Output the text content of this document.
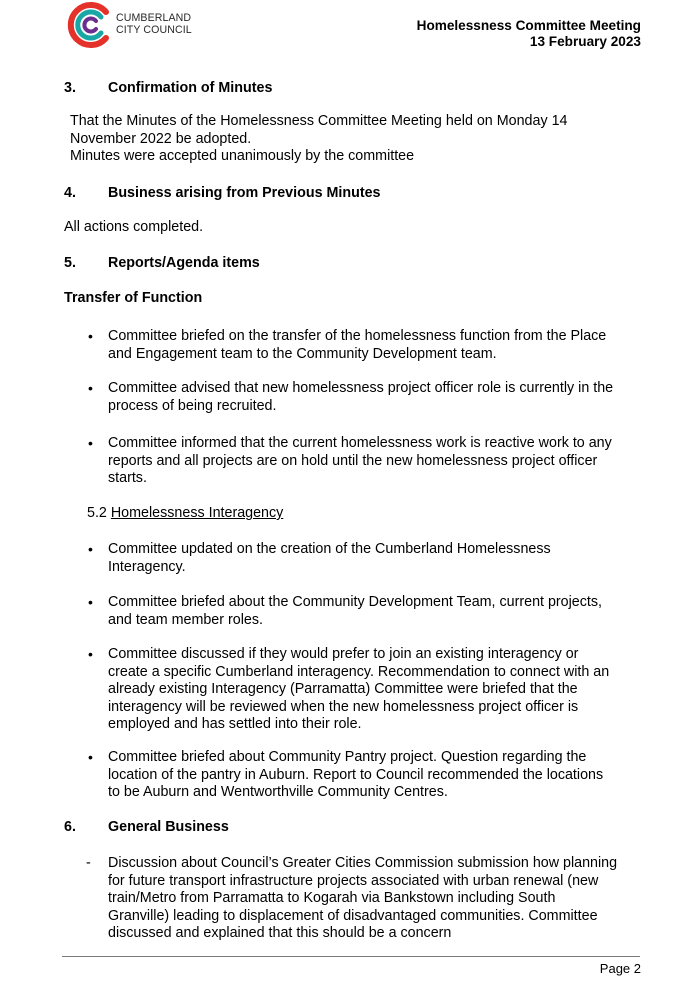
CUMBERLAND
CITY COUNCIL	Homelessness Committee Meeting
13 February 2023
3. Confirmation of Minutes
That the Minutes of the Homelessness Committee Meeting held on Monday 14
November 2022 be adopted.
Minutes were accepted unanimously by the committee
4. Business arising from Previous Minutes
All actions completed.
5. Reports/Agenda items
Transfer of Function
•	Committee briefed on the transfer of the homelessness function from the Place
and Engagement team to the Community Development team.
•	Committee advised that new homelessness project officer role is currently in the
process of being recruited.
•	Committee informed that the current homelessness work is reactive work to any
reports and all projects are on hold until the new homelessness project officer
starts.
5.2 Homelessness Interagency
•	Committee updated on the creation of the Cumberland Homelessness
Interagency.
•	Committee briefed about the Community Development Team, current projects,
and team member roles.
•	Committee discussed if they would prefer to join an existing interagency or
create a specific Cumberland interagency. Recommendation to connect with an
already existing Interagency (Parramatta) Committee were briefed that the
interagency will be reviewed when the new homelessness project officer is
employed and has settled into their role.
•	Committee briefed about Community Pantry project. Question regarding the
location of the pantry in Auburn. Report to Council recommended the locations
to be Auburn and Wentworthville Community Centres.
6. General Business
-	Discussion about Council’s Greater Cities Commission submission how planning
for future transport infrastructure projects associated with urban renewal (new
train/Metro from Parramatta to Kogarah via Bankstown including South
Granville) leading to displacement of disadvantaged communities. Committee
discussed and explained that this should be a concern
Page 2
